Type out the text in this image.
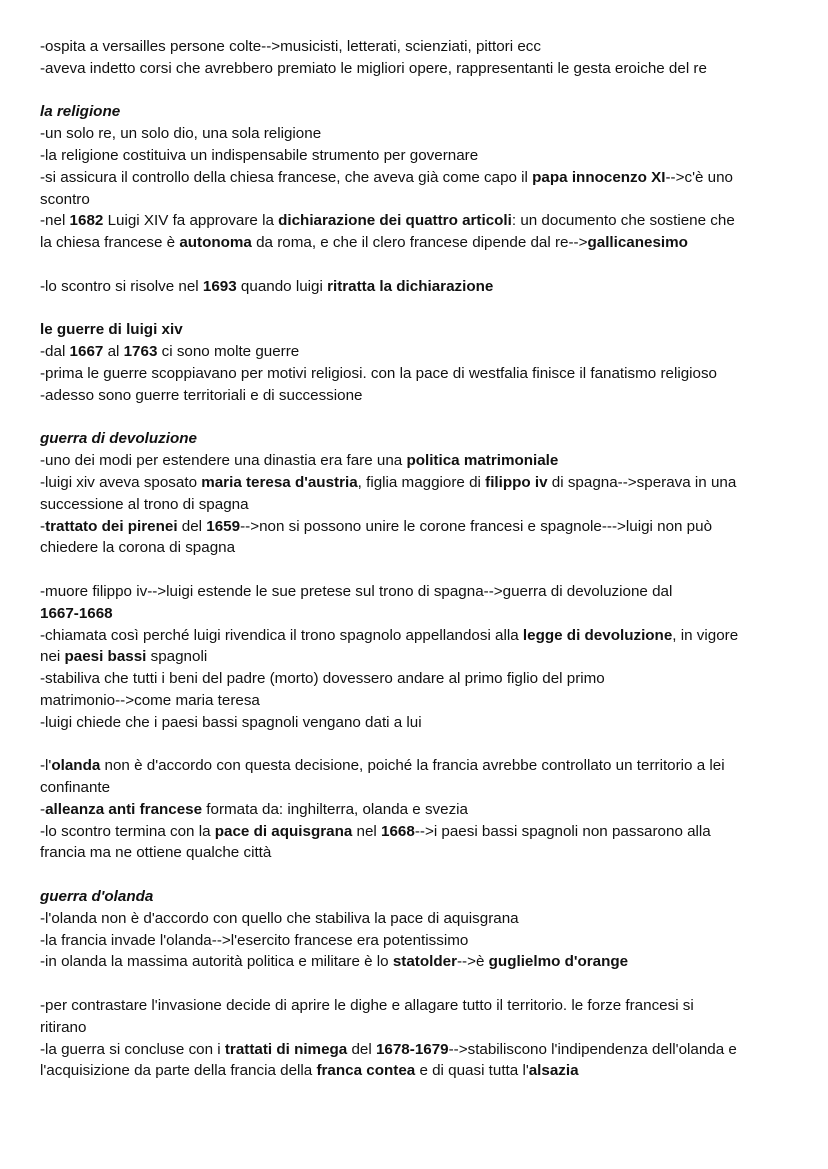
-ospita a versailles persone colte-->musicisti, letterati, scienziati, pittori ecc
-aveva indetto corsi che avrebbero premiato le migliori opere, rappresentanti le gesta eroiche del re
la religione
-un solo re, un solo dio, una sola religione
-la religione costituiva un indispensabile strumento per governare
-si assicura il controllo della chiesa francese, che aveva già come capo il papa innocenzo XI-->c'è uno
scontro
-nel 1682 Luigi XIV fa approvare la dichiarazione dei quattro articoli: un documento che sostiene che
la chiesa francese è autonoma da roma, e che il clero francese dipende dal re-->gallicanesimo
-lo scontro si risolve nel 1693 quando luigi ritratta la dichiarazione
le guerre di luigi xiv
-dal 1667 al 1763 ci sono molte guerre
-prima le guerre scoppiavano per motivi religiosi. con la pace di westfalia finisce il fanatismo religioso
-adesso sono guerre territoriali e di successione
guerra di devoluzione
-uno dei modi per estendere una dinastia era fare una politica matrimoniale
-luigi xiv aveva sposato maria teresa d'austria, figlia maggiore di filippo iv di spagna-->sperava in una
successione al trono di spagna
-trattato dei pirenei del 1659-->non si possono unire le corone francesi e spagnole--->luigi non può
chiedere la corona di spagna
-muore filippo iv-->luigi estende le sue pretese sul trono di spagna-->guerra di devoluzione dal
1667-1668
-chiamata così perché luigi rivendica il trono spagnolo appellandosi alla legge di devoluzione, in vigore
nei paesi bassi spagnoli
-stabiliva che tutti i beni del padre (morto) dovessero andare al primo figlio del primo
matrimonio-->come maria teresa
-luigi chiede che i paesi bassi spagnoli vengano dati a lui
-l'olanda non è d'accordo con questa decisione, poiché la francia avrebbe controllato un territorio a lei
confinante
-alleanza anti francese formata da: inghilterra, olanda e svezia
-lo scontro termina con la pace di aquisgrana nel 1668-->i paesi bassi spagnoli non passarono alla
francia ma ne ottiene qualche città
guerra d'olanda
-l'olanda non è d'accordo con quello che stabiliva la pace di aquisgrana
-la francia invade l'olanda-->l'esercito francese era potentissimo
-in olanda la massima autorità politica e militare è lo statolder-->è guglielmo d'orange
-per contrastare l'invasione decide di aprire le dighe e allagare tutto il territorio. le forze francesi si
ritirano
-la guerra si concluse con i trattati di nimega del 1678-1679-->stabiliscono l'indipendenza dell'olanda e
l'acquisizione da parte della francia della franca contea e di quasi tutta l'alsazia
